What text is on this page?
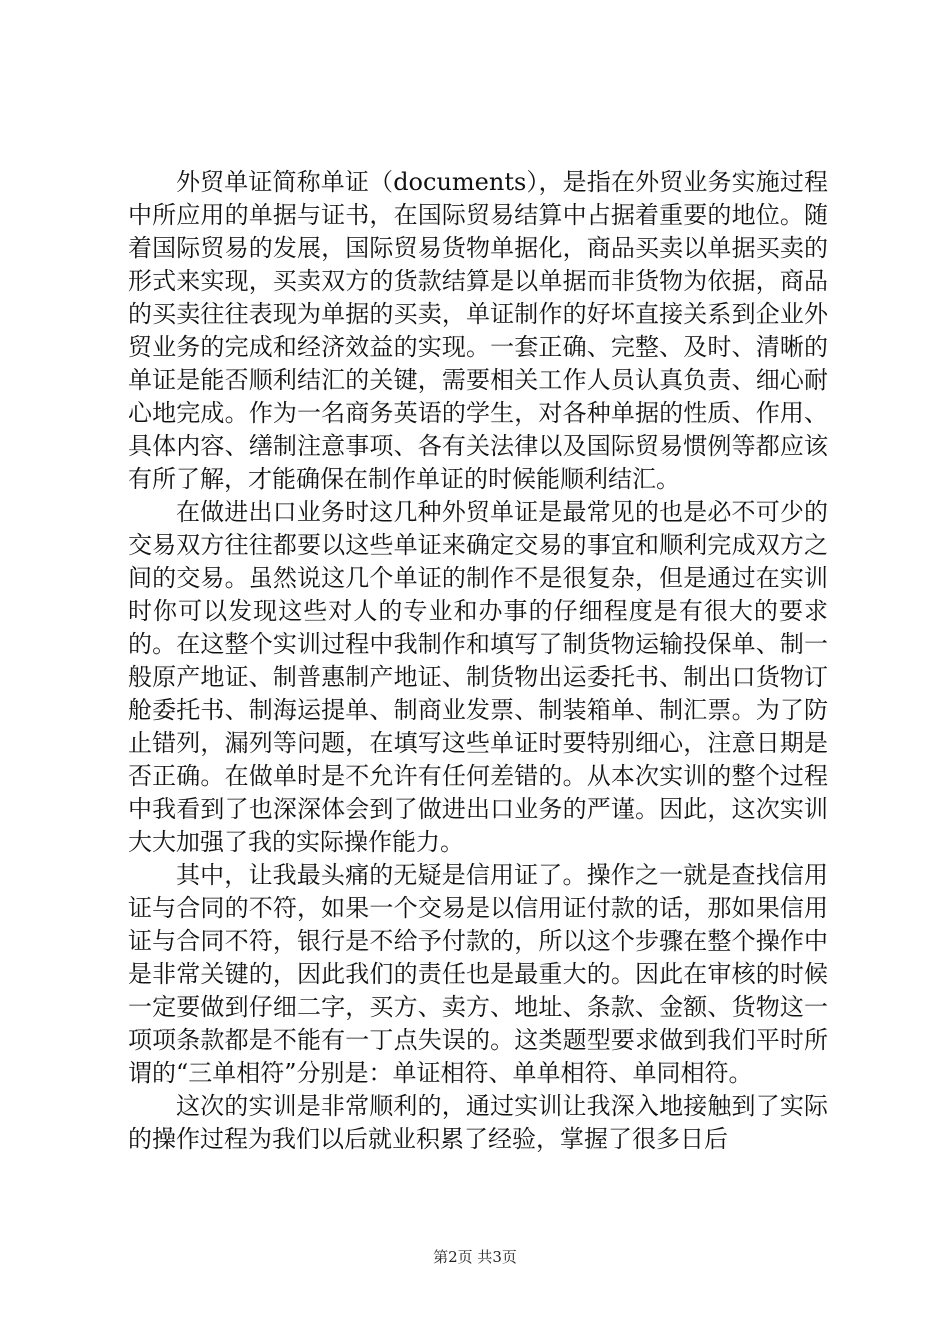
外贸单证简称单证（documents），是指在外贸业务实施过程中所应用的单据与证书，在国际贸易结算中占据着重要的地位。随着国际贸易的发展，国际贸易货物单据化，商品买卖以单据买卖的形式来实现，买卖双方的货款结算是以单据而非货物为依据，商品的买卖往往表现为单据的买卖，单证制作的好坏直接关系到企业外贸业务的完成和经济效益的实现。一套正确、完整、及时、清晰的单证是能否顺利结汇的关键，需要相关工作人员认真负责、细心耐心地完成。作为一名商务英语的学生，对各种单据的性质、作用、具体内容、缮制注意事项、各有关法律以及国际贸易惯例等都应该有所了解，才能确保在制作单证的时候能顺利结汇。

在做进出口业务时这几种外贸单证是最常见的也是必不可少的交易双方往往都要以这些单证来确定交易的事宜和顺利完成双方之间的交易。虽然说这几个单证的制作不是很复杂，但是通过在实训时你可以发现这些对人的专业和办事的仔细程度是有很大的要求的。在这整个实训过程中我制作和填写了制货物运输投保单、制一般原产地证、制普惠制产地证、制货物出运委托书、制出口货物订舱委托书、制海运提单、制商业发票、制装箱单、制汇票。为了防止错列，漏列等问题，在填写这些单证时要特别细心，注意日期是否正确。在做单时是不允许有任何差错的。从本次实训的整个过程中我看到了也深深体会到了做进出口业务的严谨。因此，这次实训大大加强了我的实际操作能力。

其中，让我最头痛的无疑是信用证了。操作之一就是查找信用证与合同的不符，如果一个交易是以信用证付款的话，那如果信用证与合同不符，银行是不给予付款的，所以这个步骤在整个操作中是非常关键的，因此我们的责任也是最重大的。因此在审核的时候一定要做到仔细二字，买方、卖方、地址、条款、金额、货物这一项项条款都是不能有一丁点失误的。这类题型要求做到我们平时所谓的“三单相符”分别是：单证相符、单单相符、单同相符。

这次的实训是非常顺利的，通过实训让我深入地接触到了实际的操作过程为我们以后就业积累了经验，掌握了很多日后

第2页 共3页
